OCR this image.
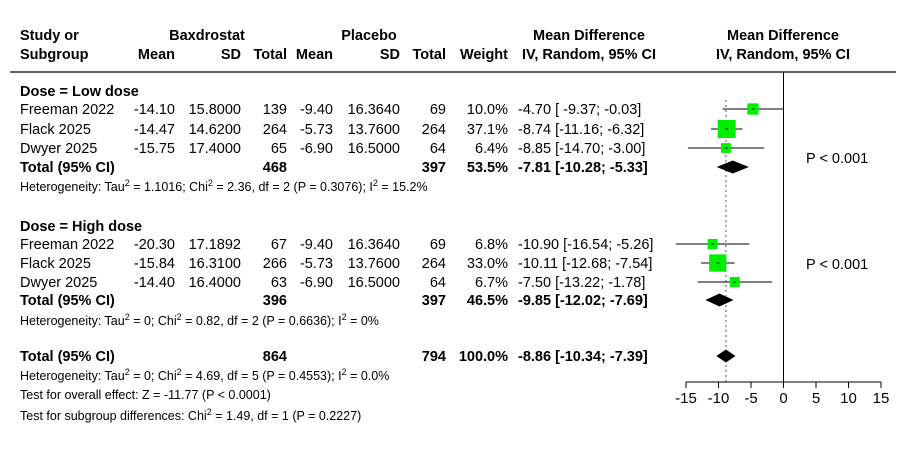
Study or
Subgroup
Baxdrostat	Placebo
Mean	SD Total Mean	SD Total Weight
Mean Difference
IV, Random, 95% CI
Mean Difference
IV, Random, 95% CI
Dose = Low dose
Freeman 2022 -14.10 15.8000 139 -9.40 16.3640 69 10.0% -4.70 [ -9.37; -0.03]
Flack 2025	-14.47 14.6200 264 -5.73 13.7600 264 37.1% -8.74 [-11.16; -6.32]
Dwyer 2025	-15.75 17.4000 65 -6.90 16.5000 64 6.4% -8.85 [-14.70; -3.00]
Total (95% CI)	468	397 53.5% -7.81 [-10.28; -5.33]
Heterogeneity: Tau$^2$ = 1.1016; Chi$^2$ = 2.36, df = 2 (P = 0.3076); $I^2 = 15.2\%$
P < 0.001
Dose = High dose
Freeman 2022 -20.30 17.1892 67 -9.40 16.3640 69 6.8% -10.90 [-16.54; -5.26]
Flack 2025	-15.84 16.3100 266 -5.73 13.7600 264 33.0% -10.11 [-12.68; -7.54]
Dwyer 2025	-14.40 16.4000 63 -6.90 16.5000 64 6.7% -7.50 [-13.22; -1.78]
Total (95% CI)	396	397 46.5% -9.85 [-12.02; -7.69]
Heterogeneity: Tau$^2$ = 0; Chi$^2$ = 0.82, df = 2 (P = 0.6636); $I^2 = 0\%$
P < 0.001
Total (95% CI)	864	794 100.0% -8.86 [-10.34; -7.39]
Heterogeneity: Tau$^2$ = 0; Chi$^2$ = 4.69, df = 5 (P = 0.4553); $I^2 = 0.0\%$
Test for overall effect: Z = -11.77 (P < 0.0001)
Test for subgroup differences: Chi$^2$ = 1.49, df = 1 (P = 0.2227)
-15 -10 -5 0 5 10 15
